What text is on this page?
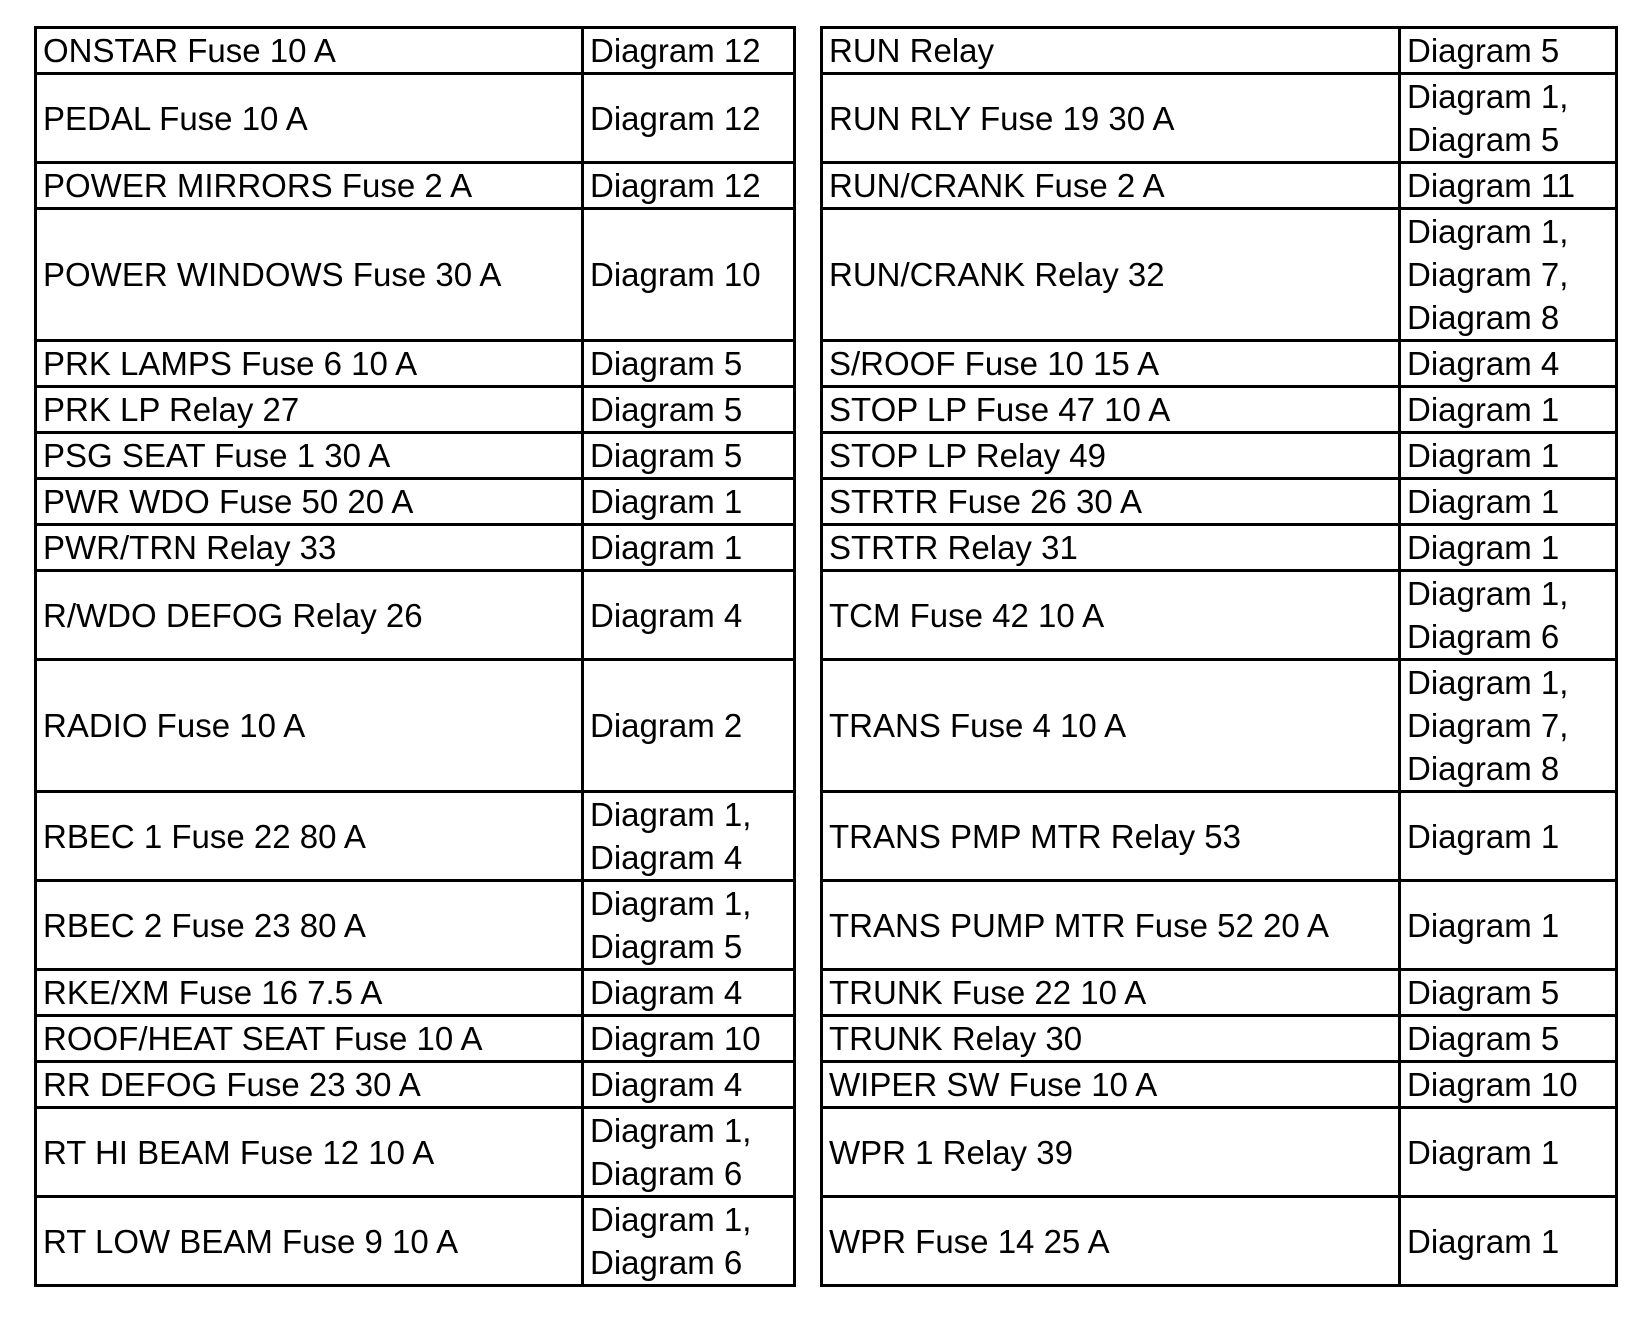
ONSTAR Fuse 10 A	Diagram 12		RUN Relay	Diagram 5

PEDAL Fuse 10 A	Diagram 12		RUN RLY Fuse 19 30 A	Diagram 1,
Diagram 5

POWER MIRRORS Fuse 2 A	Diagram 12		RUN/CRANK Fuse 2 A	Diagram 11

POWER WINDOWS Fuse 30 A	Diagram 10		RUN/CRANK Relay 32	Diagram 1,
Diagram 7,
Diagram 8

PRK LAMPS Fuse 6 10 A	Diagram 5		S/ROOF Fuse 10 15 A	Diagram 4

PRK LP Relay 27	Diagram 5		STOP LP Fuse 47 10 A	Diagram 1

PSG SEAT Fuse 1 30 A	Diagram 5		STOP LP Relay 49	Diagram 1

PWR WDO Fuse 50 20 A	Diagram 1		STRTR Fuse 26 30 A	Diagram 1

PWR/TRN Relay 33	Diagram 1		STRTR Relay 31	Diagram 1

R/WDO DEFOG Relay 26	Diagram 4		TCM Fuse 42 10 A	Diagram 1,
Diagram 6

RADIO Fuse 10 A	Diagram 2		TRANS Fuse 4 10 A	Diagram 1,
Diagram 7,
Diagram 8

RBEC 1 Fuse 22 80 A	Diagram 1,
Diagram 4		TRANS PMP MTR Relay 53	Diagram 1

RBEC 2 Fuse 23 80 A	Diagram 1,
Diagram 5		TRANS PUMP MTR Fuse 52 20 A	Diagram 1

RKE/XM Fuse 16 7.5 A	Diagram 4		TRUNK Fuse 22 10 A	Diagram 5

ROOF/HEAT SEAT Fuse 10 A	Diagram 10		TRUNK Relay 30	Diagram 5

RR DEFOG Fuse 23 30 A	Diagram 4		WIPER SW Fuse 10 A	Diagram 10

RT HI BEAM Fuse 12 10 A	Diagram 1,
Diagram 6		WPR 1 Relay 39	Diagram 1

RT LOW BEAM Fuse 9 10 A	Diagram 1,
Diagram 6		WPR Fuse 14 25 A	Diagram 1
